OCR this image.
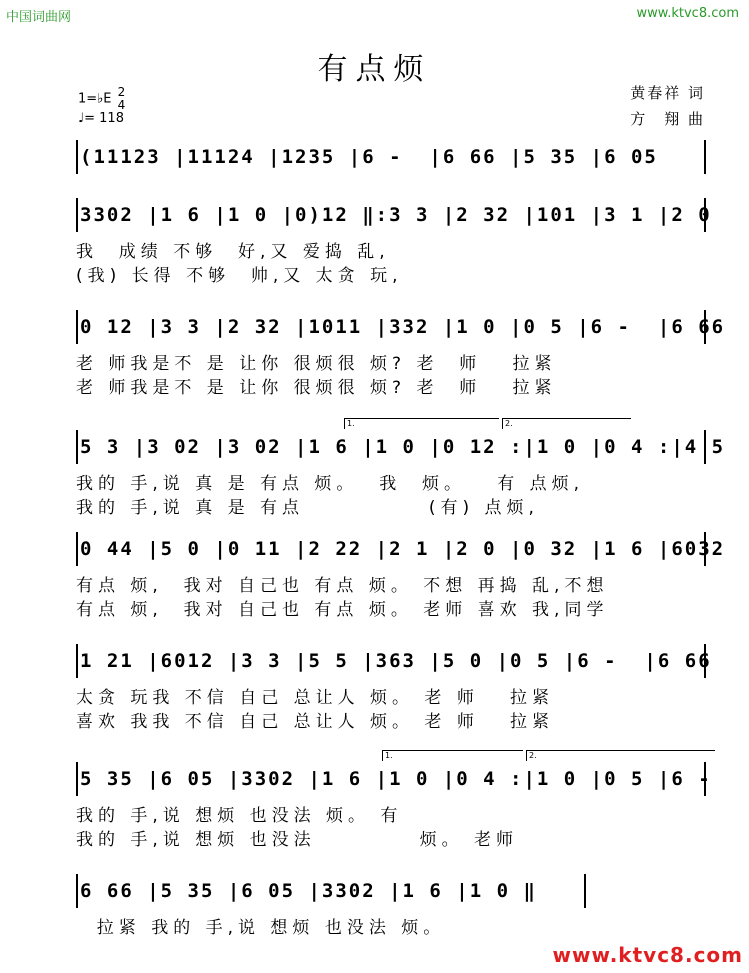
中国词曲网	www.ktvc8.com
有点烦
1=♭E 2
4
♩= 118
黄春祥 词
方　翔 曲
(11123 |11124 |1235 |6 -  |6 66 |5 35 |6 05
3302 |1 6 |1 0 |0)12 ‖:3 3 |2 32 |101 |3 1 |2 0
我  成绩 不够  好,又 爱捣 乱,
(我) 长得 不够  帅,又 太贪 玩,
0 12 |3 3 |2 32 |1011 |332 |1 0 |0 5 |6 -  |6 66
老 师我是不 是 让你 很烦很 烦? 老  师   拉紧
老 师我是不 是 让你 很烦很 烦? 老  师   拉紧
1.	2.
5 3 |3 02 |3 02 |1 6 |1 0 |0 12 :|1 0 |0 4 :|4 5
我的 手,说 真 是 有点 烦。  我  烦。   有 点烦,
我的 手,说 真 是 有点            (有) 点烦,
0 44 |5 0 |0 11 |2 22 |2 1 |2 0 |0 32 |1 6 |6032
有点 烦,  我对 自己也 有点 烦。 不想 再捣 乱,不想
有点 烦,  我对 自己也 有点 烦。 老师 喜欢 我,同学
1 21 |6012 |3 3 |5 5 |363 |5 0 |0 5 |6 -  |6 66
太贪 玩我 不信 自己 总让人 烦。 老 师   拉紧
喜欢 我我 不信 自己 总让人 烦。 老 师   拉紧
1.	2.
5 35 |6 05 |3302 |1 6 |1 0 |0 4 :|1 0 |0 5 |6 -
我的 手,说 想烦 也没法 烦。 有
我的 手,说 想烦 也没法          烦。 老师
6 66 |5 35 |6 05 |3302 |1 6 |1 0 ‖
拉紧 我的 手,说 想烦 也没法 烦。
www.ktvc8.com
